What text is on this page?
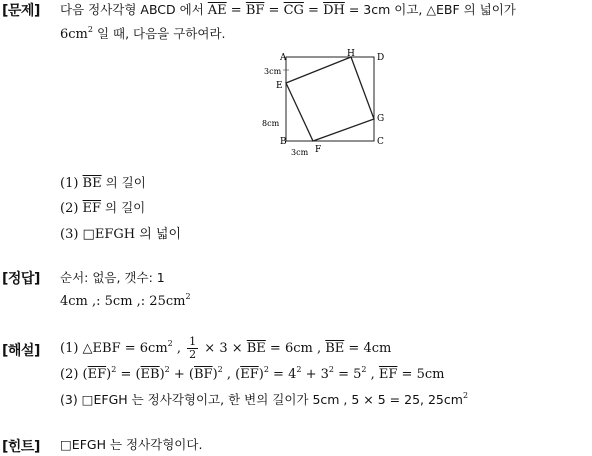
[문제] 다음 정사각형 ABCD 에서 $\overline{AE} = \overline{BF} = \overline{CG} = \overline{DH} = 3cm$ 이고, △EBF 의 넓이가
$6cm^2$ 일 때, 다음을 구하여라.
A	H D
E
G
B
F
C
3cm
8cm
3cm
(1) $\overline{BE}$ 의 길이
(2) $\overline{EF}$ 의 길이
(3) □EFGH 의 넓이
[정답] 순서: 없음, 갯수: 1
4cm ,: 5cm ,: $25cm^2$
[해설] (1) △EBF = $6cm^2$ , $\frac{1}{2} \times 3 \times \overline{BE} = 6cm$ , $\overline{BE} = 4cm$
(2) $(\overline{EF})^2 = (\overline{EB})^2 + (\overline{BF})^2$ , $(\overline{EF})^2 = 4^2 + 3^2 = 5^2$ , $\overline{EF} = 5cm$
(3) □EFGH 는 정사각형이고, 한 변의 길이가 5cm , 5 × 5 = 25, $25cm^2$
[힌트] □EFGH 는 정사각형이다.
